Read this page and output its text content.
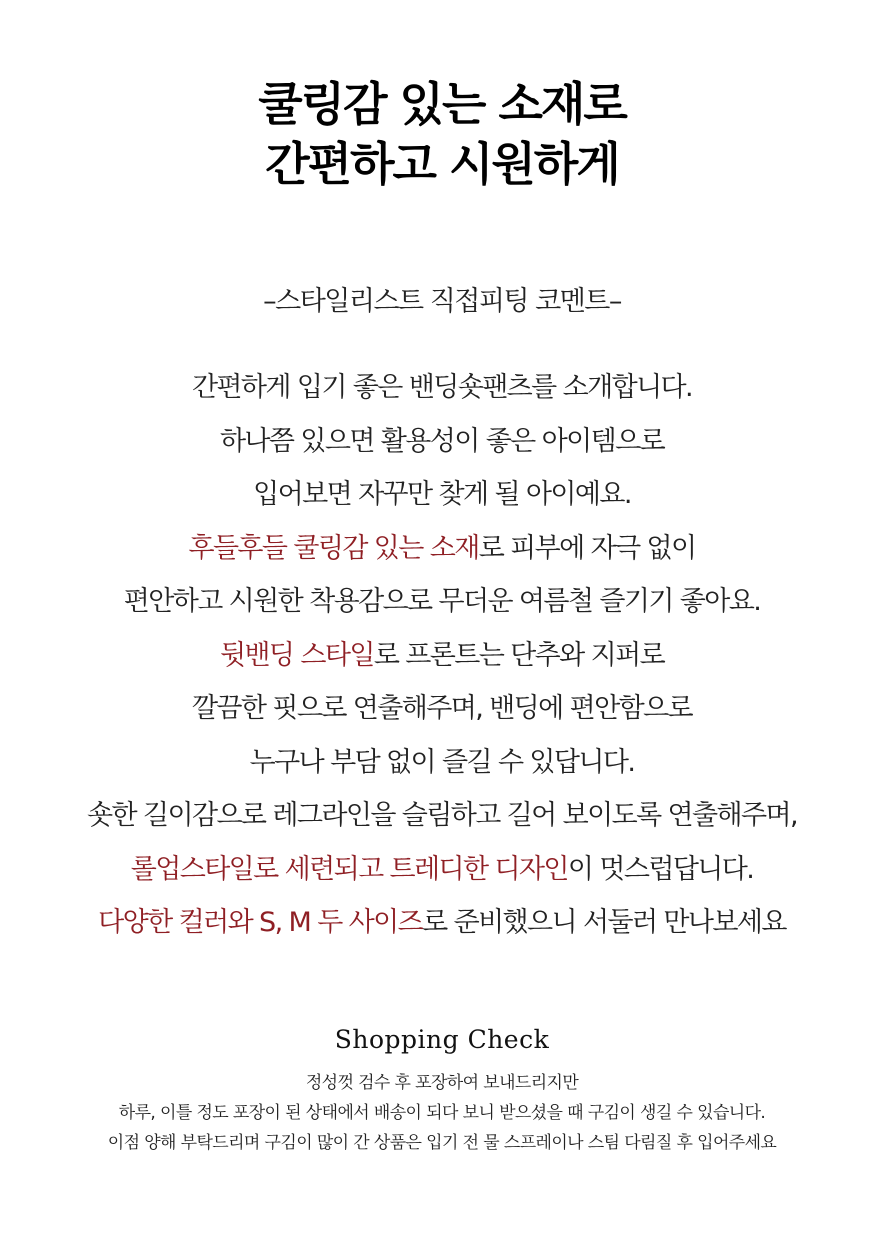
쿨링감 있는 소재로
간편하고 시원하게
–스타일리스트 직접피팅 코멘트–
간편하게 입기 좋은 밴딩숏팬츠를 소개합니다.
하나쯤 있으면 활용성이 좋은 아이템으로
입어보면 자꾸만 찾게 될 아이예요.
후들후들 쿨링감 있는 소재로 피부에 자극 없이
편안하고 시원한 착용감으로 무더운 여름철 즐기기 좋아요.
뒷밴딩 스타일로 프론트는 단추와 지퍼로
깔끔한 핏으로 연출해주며, 밴딩에 편안함으로
누구나 부담 없이 즐길 수 있답니다.
숏한 길이감으로 레그라인을 슬림하고 길어 보이도록 연출해주며,
롤업스타일로 세련되고 트레디한 디자인이 멋스럽답니다.
다양한 컬러와 S, M 두 사이즈로 준비했으니 서둘러 만나보세요
Shopping Check
정성껏 검수 후 포장하여 보내드리지만
하루, 이틀 정도 포장이 된 상태에서 배송이 되다 보니 받으셨을 때 구김이 생길 수 있습니다.
이점 양해 부탁드리며 구김이 많이 간 상품은 입기 전 물 스프레이나 스팀 다림질 후 입어주세요
